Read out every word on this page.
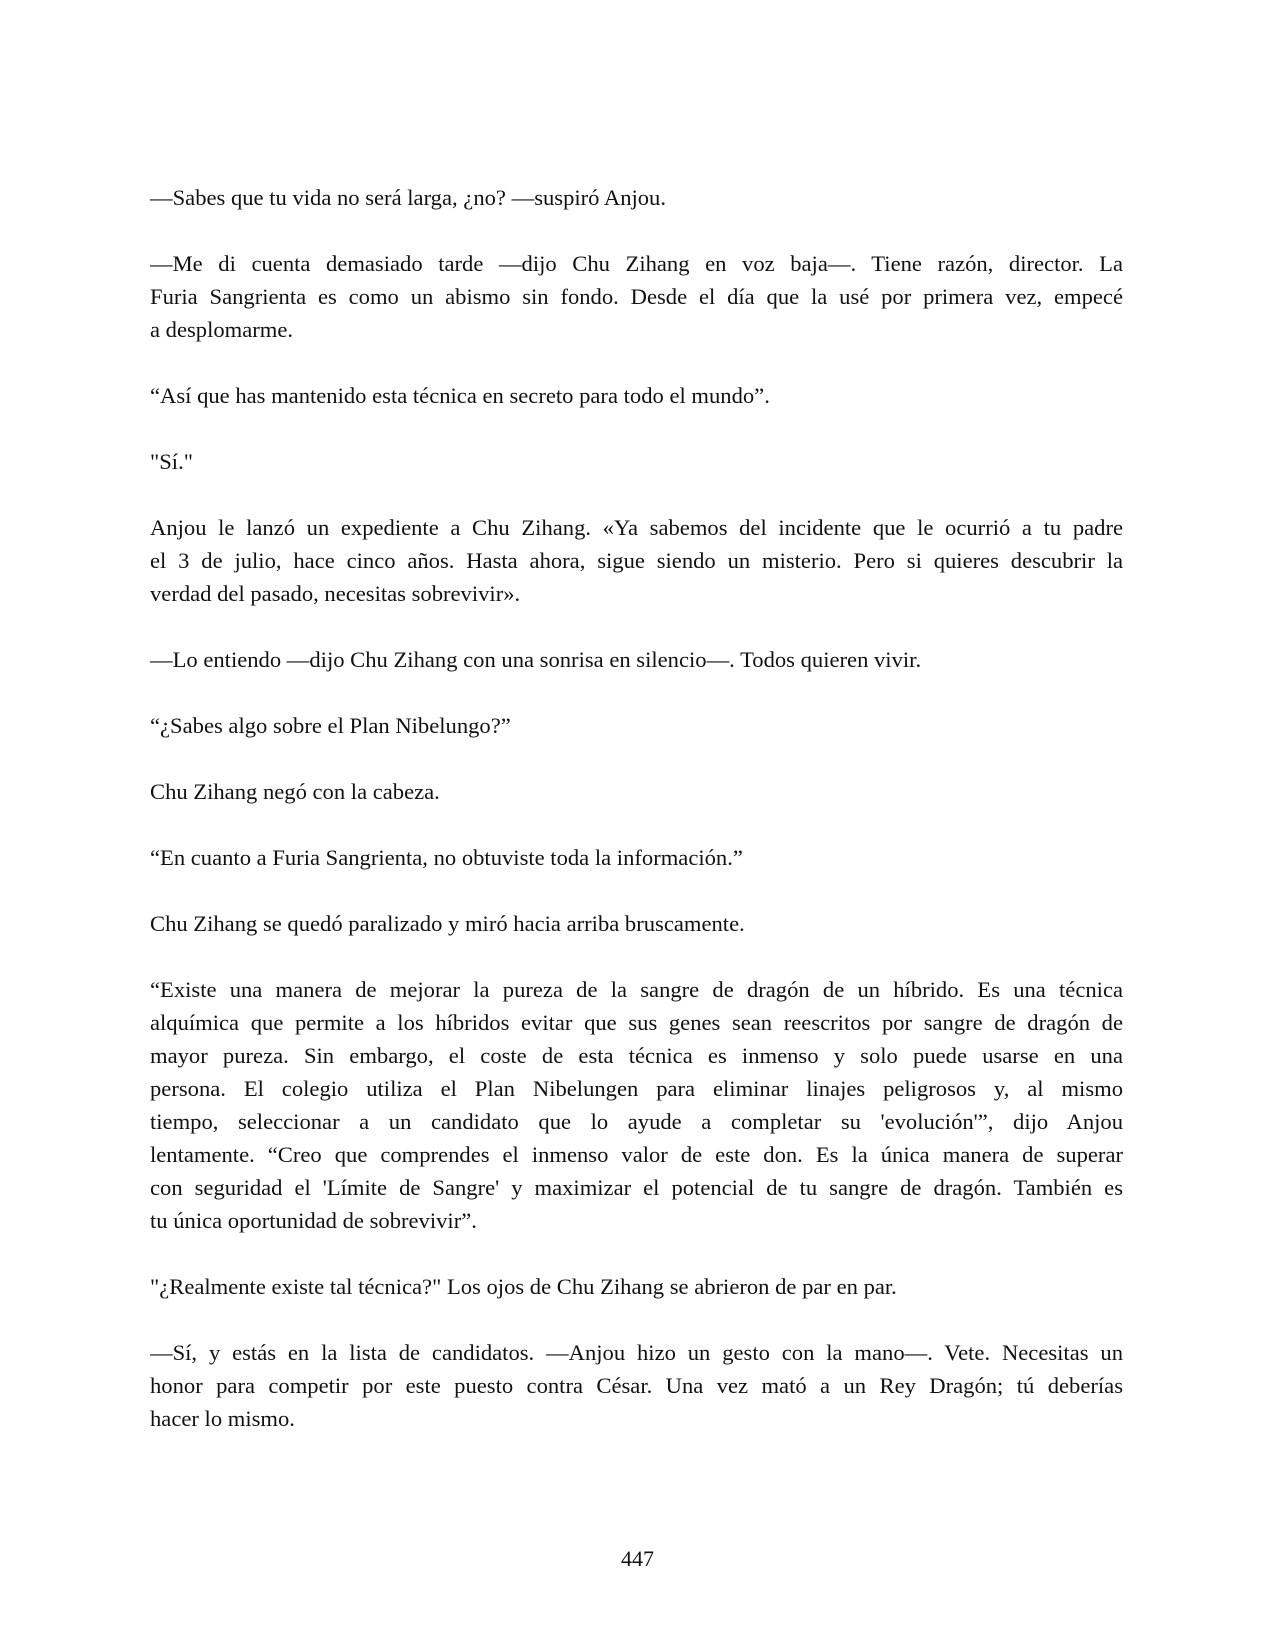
—Sabes que tu vida no será larga, ¿no? —suspiró Anjou.

—Me di cuenta demasiado tarde —dijo Chu Zihang en voz baja—. Tiene razón, director. La
Furia Sangrienta es como un abismo sin fondo. Desde el día que la usé por primera vez, empecé
a desplomarme.

“Así que has mantenido esta técnica en secreto para todo el mundo”.

"Sí."

Anjou le lanzó un expediente a Chu Zihang. «Ya sabemos del incidente que le ocurrió a tu padre
el 3 de julio, hace cinco años. Hasta ahora, sigue siendo un misterio. Pero si quieres descubrir la
verdad del pasado, necesitas sobrevivir».

—Lo entiendo —dijo Chu Zihang con una sonrisa en silencio—. Todos quieren vivir.

“¿Sabes algo sobre el Plan Nibelungo?”

Chu Zihang negó con la cabeza.

“En cuanto a Furia Sangrienta, no obtuviste toda la información.”

Chu Zihang se quedó paralizado y miró hacia arriba bruscamente.

“Existe una manera de mejorar la pureza de la sangre de dragón de un híbrido. Es una técnica
alquímica que permite a los híbridos evitar que sus genes sean reescritos por sangre de dragón de
mayor pureza. Sin embargo, el coste de esta técnica es inmenso y solo puede usarse en una
persona. El colegio utiliza el Plan Nibelungen para eliminar linajes peligrosos y, al mismo
tiempo, seleccionar a un candidato que lo ayude a completar su 'evolución'”, dijo Anjou
lentamente. “Creo que comprendes el inmenso valor de este don. Es la única manera de superar
con seguridad el 'Límite de Sangre' y maximizar el potencial de tu sangre de dragón. También es
tu única oportunidad de sobrevivir”.

"¿Realmente existe tal técnica?" Los ojos de Chu Zihang se abrieron de par en par.

—Sí, y estás en la lista de candidatos. —Anjou hizo un gesto con la mano—. Vete. Necesitas un
honor para competir por este puesto contra César. Una vez mató a un Rey Dragón; tú deberías
hacer lo mismo.

447
